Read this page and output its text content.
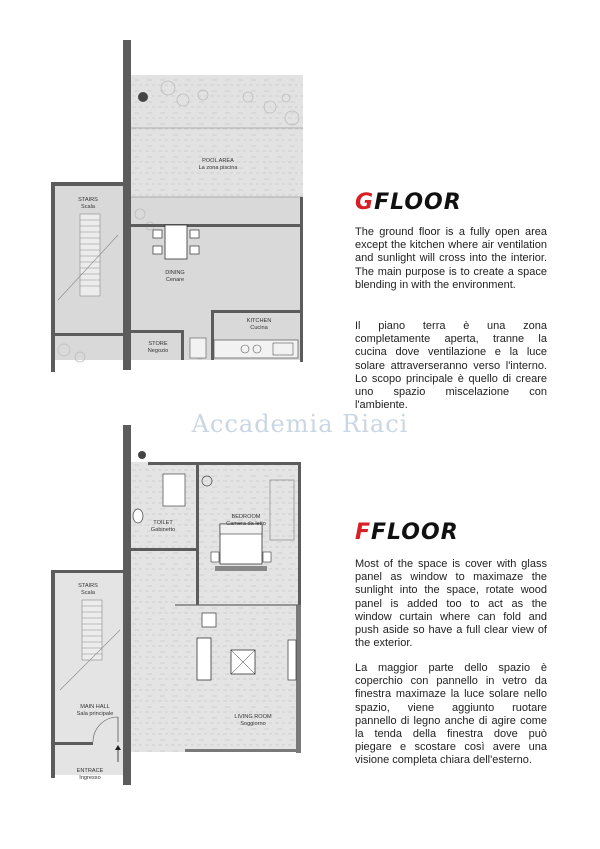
POOL AREA
La zona piscina
STAIRS
Scala
DINING
Cenare
KITCHEN
Cucina
STORE
Negozio
BEDROOM
Camera da letto
TOILET
Gabinetto
STAIRS
Scala
LIVING ROOM
Soggiorno
MAIN HALL
Sala principale
ENTRACE
Ingresso
Accademia Riaci
GFLOOR

The ground floor is a fully open area except the kitchen where air ventilation and sunlight will cross into the interior. The main purpose is to create a space blending in with the environment.

Il piano terra è una zona completamente aperta, tranne la cucina dove ventilazione e la luce solare attraverseranno verso l'interno. Lo scopo principale è quello di creare uno spazio miscelazione con l'ambiente.

FFLOOR

Most of the space is cover with glass panel as window to maximaze the sunlight into the space, rotate wood panel is added too to act as the window curtain where can fold and push aside so have a full clear view of the exterior.

La maggior parte dello spazio è coperchio con pannello in vetro da finestra maximaze la luce solare nello spazio, viene aggiunto ruotare pannello di legno anche di agire come la tenda della finestra dove può piegare e scostare così avere una visione completa chiara dell'esterno.
